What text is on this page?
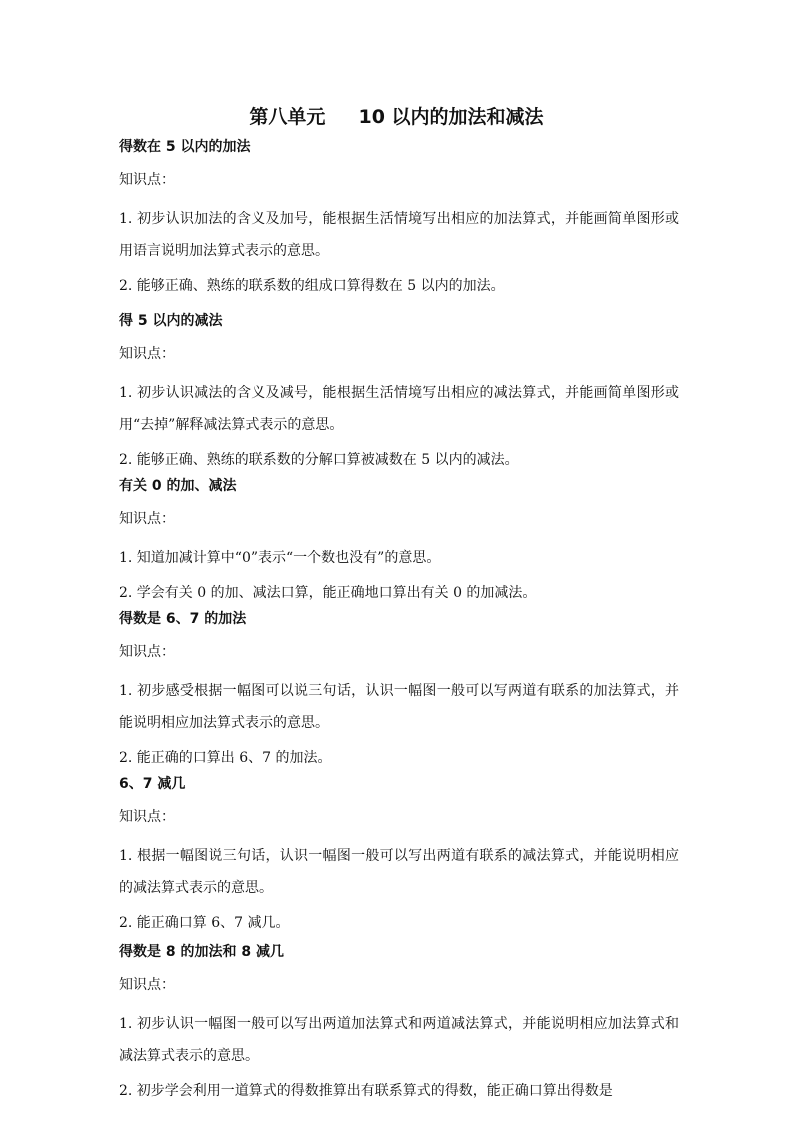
第八单元     10 以内的加法和减法

得数在 5 以内的加法

知识点：

1. 初步认识加法的含义及加号，能根据生活情境写出相应的加法算式，并能画简单图形或用语言说明加法算式表示的意思。

2. 能够正确、熟练的联系数的组成口算得数在 5 以内的加法。

得 5 以内的减法

知识点：

1. 初步认识减法的含义及减号，能根据生活情境写出相应的减法算式，并能画简单图形或用“去掉”解释减法算式表示的意思。

2. 能够正确、熟练的联系数的分解口算被减数在 5 以内的减法。

有关 0 的加、减法

知识点：

1. 知道加减计算中“0”表示“一个数也没有”的意思。

2. 学会有关 0 的加、减法口算，能正确地口算出有关 0 的加减法。

得数是 6、7 的加法

知识点：

1. 初步感受根据一幅图可以说三句话，认识一幅图一般可以写两道有联系的加法算式，并能说明相应加法算式表示的意思。

2. 能正确的口算出 6、7 的加法。

6、7 减几

知识点：

1. 根据一幅图说三句话，认识一幅图一般可以写出两道有联系的减法算式，并能说明相应的减法算式表示的意思。

2. 能正确口算 6、7 减几。

得数是 8 的加法和 8 减几

知识点：

1. 初步认识一幅图一般可以写出两道加法算式和两道减法算式，并能说明相应加法算式和减法算式表示的意思。

2. 初步学会利用一道算式的得数推算出有联系算式的得数，能正确口算出得数是
